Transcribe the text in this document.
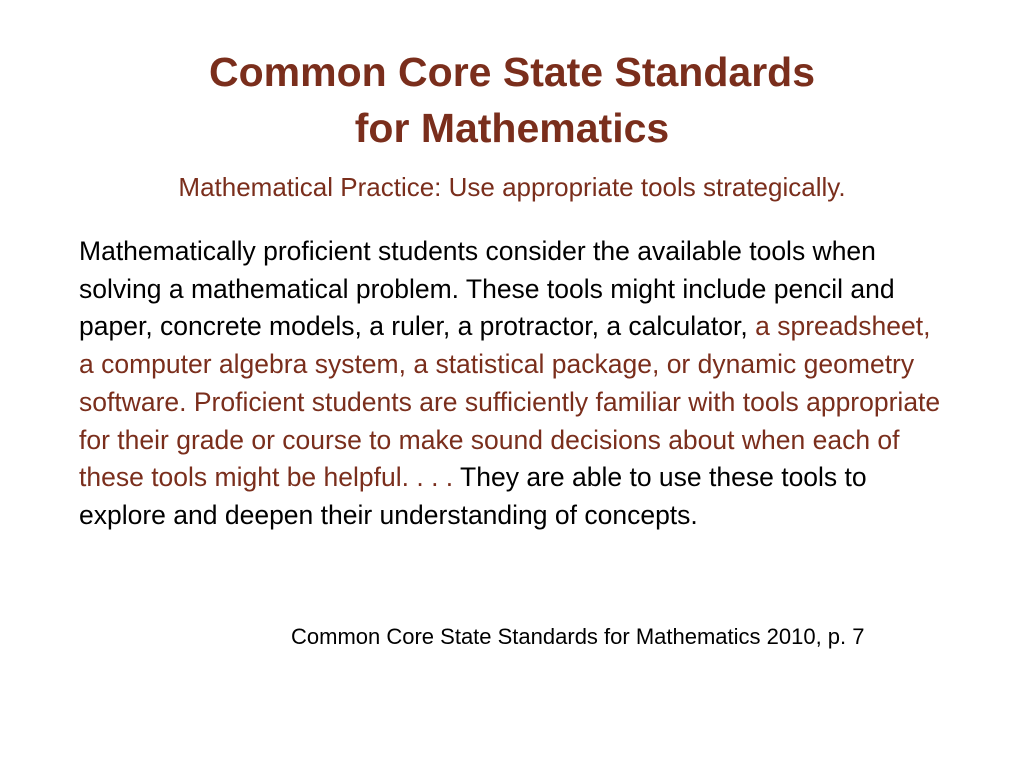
Common Core State Standards
for Mathematics

Mathematical Practice: Use appropriate tools strategically.

Mathematically proficient students consider the available tools when solving a mathematical problem. These tools might include pencil and paper, concrete models, a ruler, a protractor, a calculator, a spreadsheet, a computer algebra system, a statistical package, or dynamic geometry software. Proficient students are sufficiently familiar with tools appropriate for their grade or course to make sound decisions about when each of these tools might be helpful. . . . They are able to use these tools to explore and deepen their understanding of concepts.

Common Core State Standards for Mathematics 2010, p. 7
